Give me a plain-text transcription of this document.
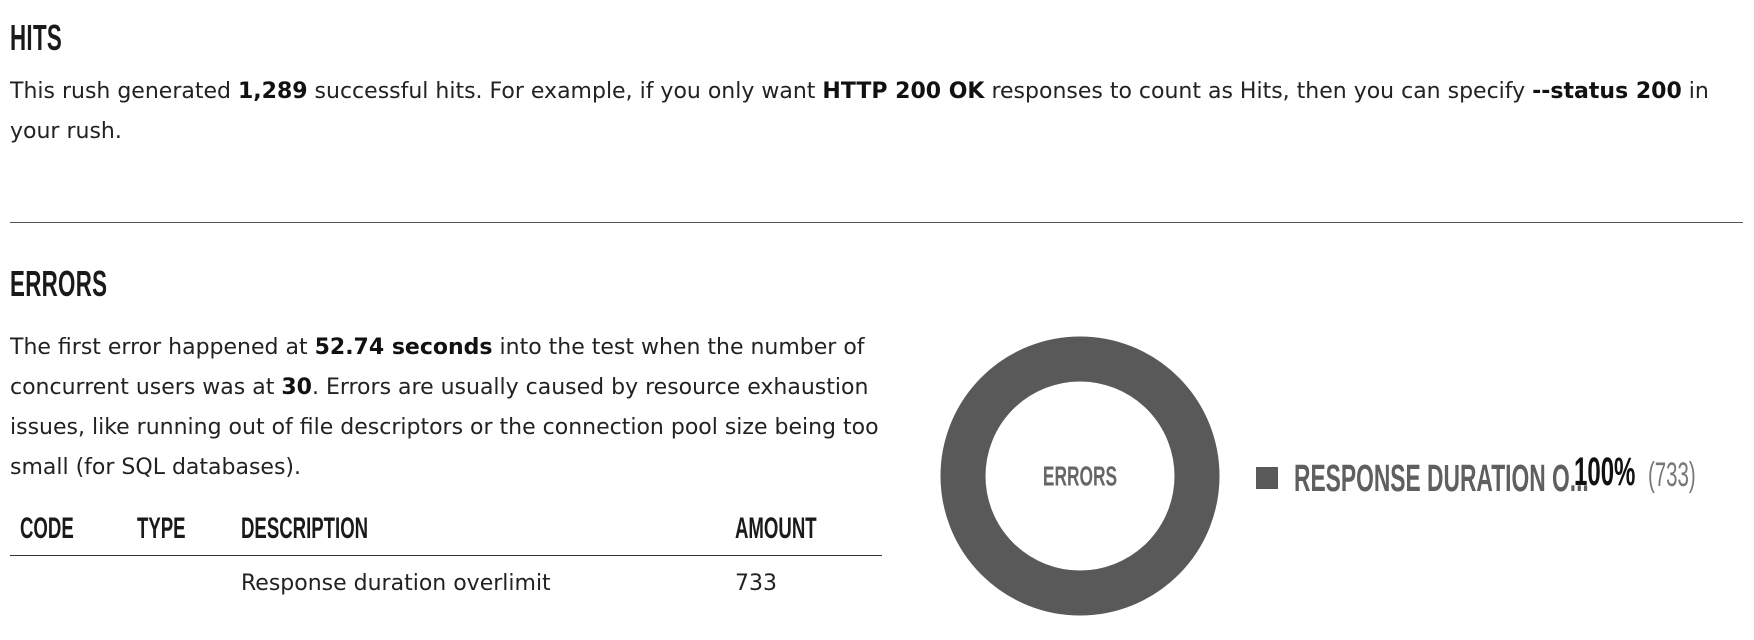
HITS

This rush generated 1,289 successful hits. For example, if you only want HTTP 200 OK responses to count as Hits, then you can specify --status 200 in your rush.

ERRORS

The first error happened at 52.74 seconds into the test when the number of concurrent users was at 30. Errors are usually caused by resource exhaustion issues, like running out of file descriptors or the connection pool size being too small (for SQL databases).

CODE	TYPE	DESCRIPTION	AMOUNT
		Response duration overlimit	733
ERRORS	RESPONSE DURATION O...
100% (733)
